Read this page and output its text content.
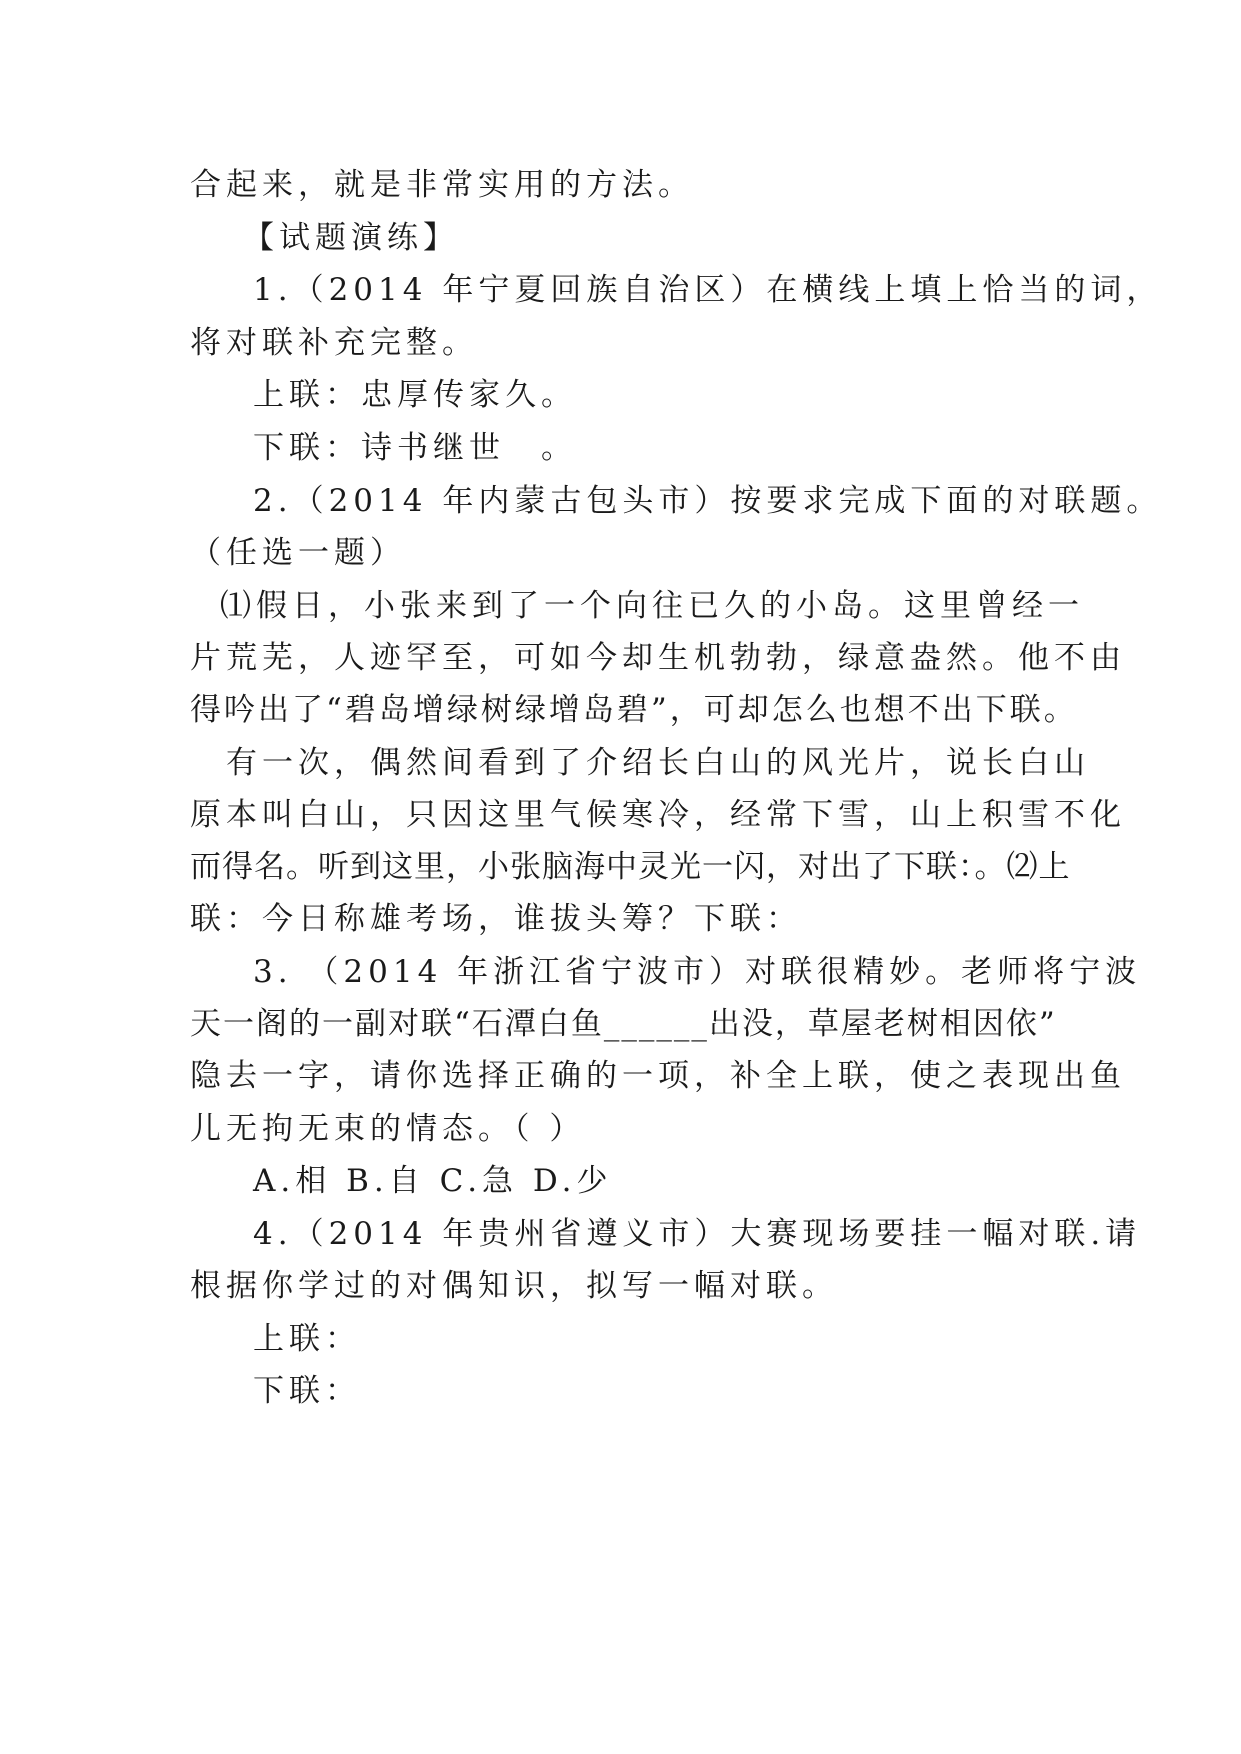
合起来，就是非常实用的方法。
【试题演练】
1.（2014 年宁夏回族自治区）在横线上填上恰当的词，
将对联补充完整。
上联：忠厚传家久。
下联：诗书继世　。
2.（2014 年内蒙古包头市）按要求完成下面的对联题。
（任选一题）
⑴假日，小张来到了一个向往已久的小岛。这里曾经一
片荒芜，人迹罕至，可如今却生机勃勃，绿意盎然。他不由
得吟出了“碧岛增绿树绿增岛碧”，可却怎么也想不出下联。
有一次，偶然间看到了介绍长白山的风光片，说长白山
原本叫白山，只因这里气候寒冷，经常下雪，山上积雪不化
而得名。听到这里，小张脑海中灵光一闪，对出了下联：。⑵上
联：今日称雄考场，谁拔头筹？下联：
3. （2014 年浙江省宁波市）对联很精妙。老师将宁波
天一阁的一副对联“石潭白鱼______出没，草屋老树相因依”
隐去一字，请你选择正确的一项，补全上联，使之表现出鱼
儿无拘无束的情态。（ ）
A.相 B.自 C.急 D.少
4.（2014 年贵州省遵义市）大赛现场要挂一幅对联.请
根据你学过的对偶知识，拟写一幅对联。
上联：
下联：
